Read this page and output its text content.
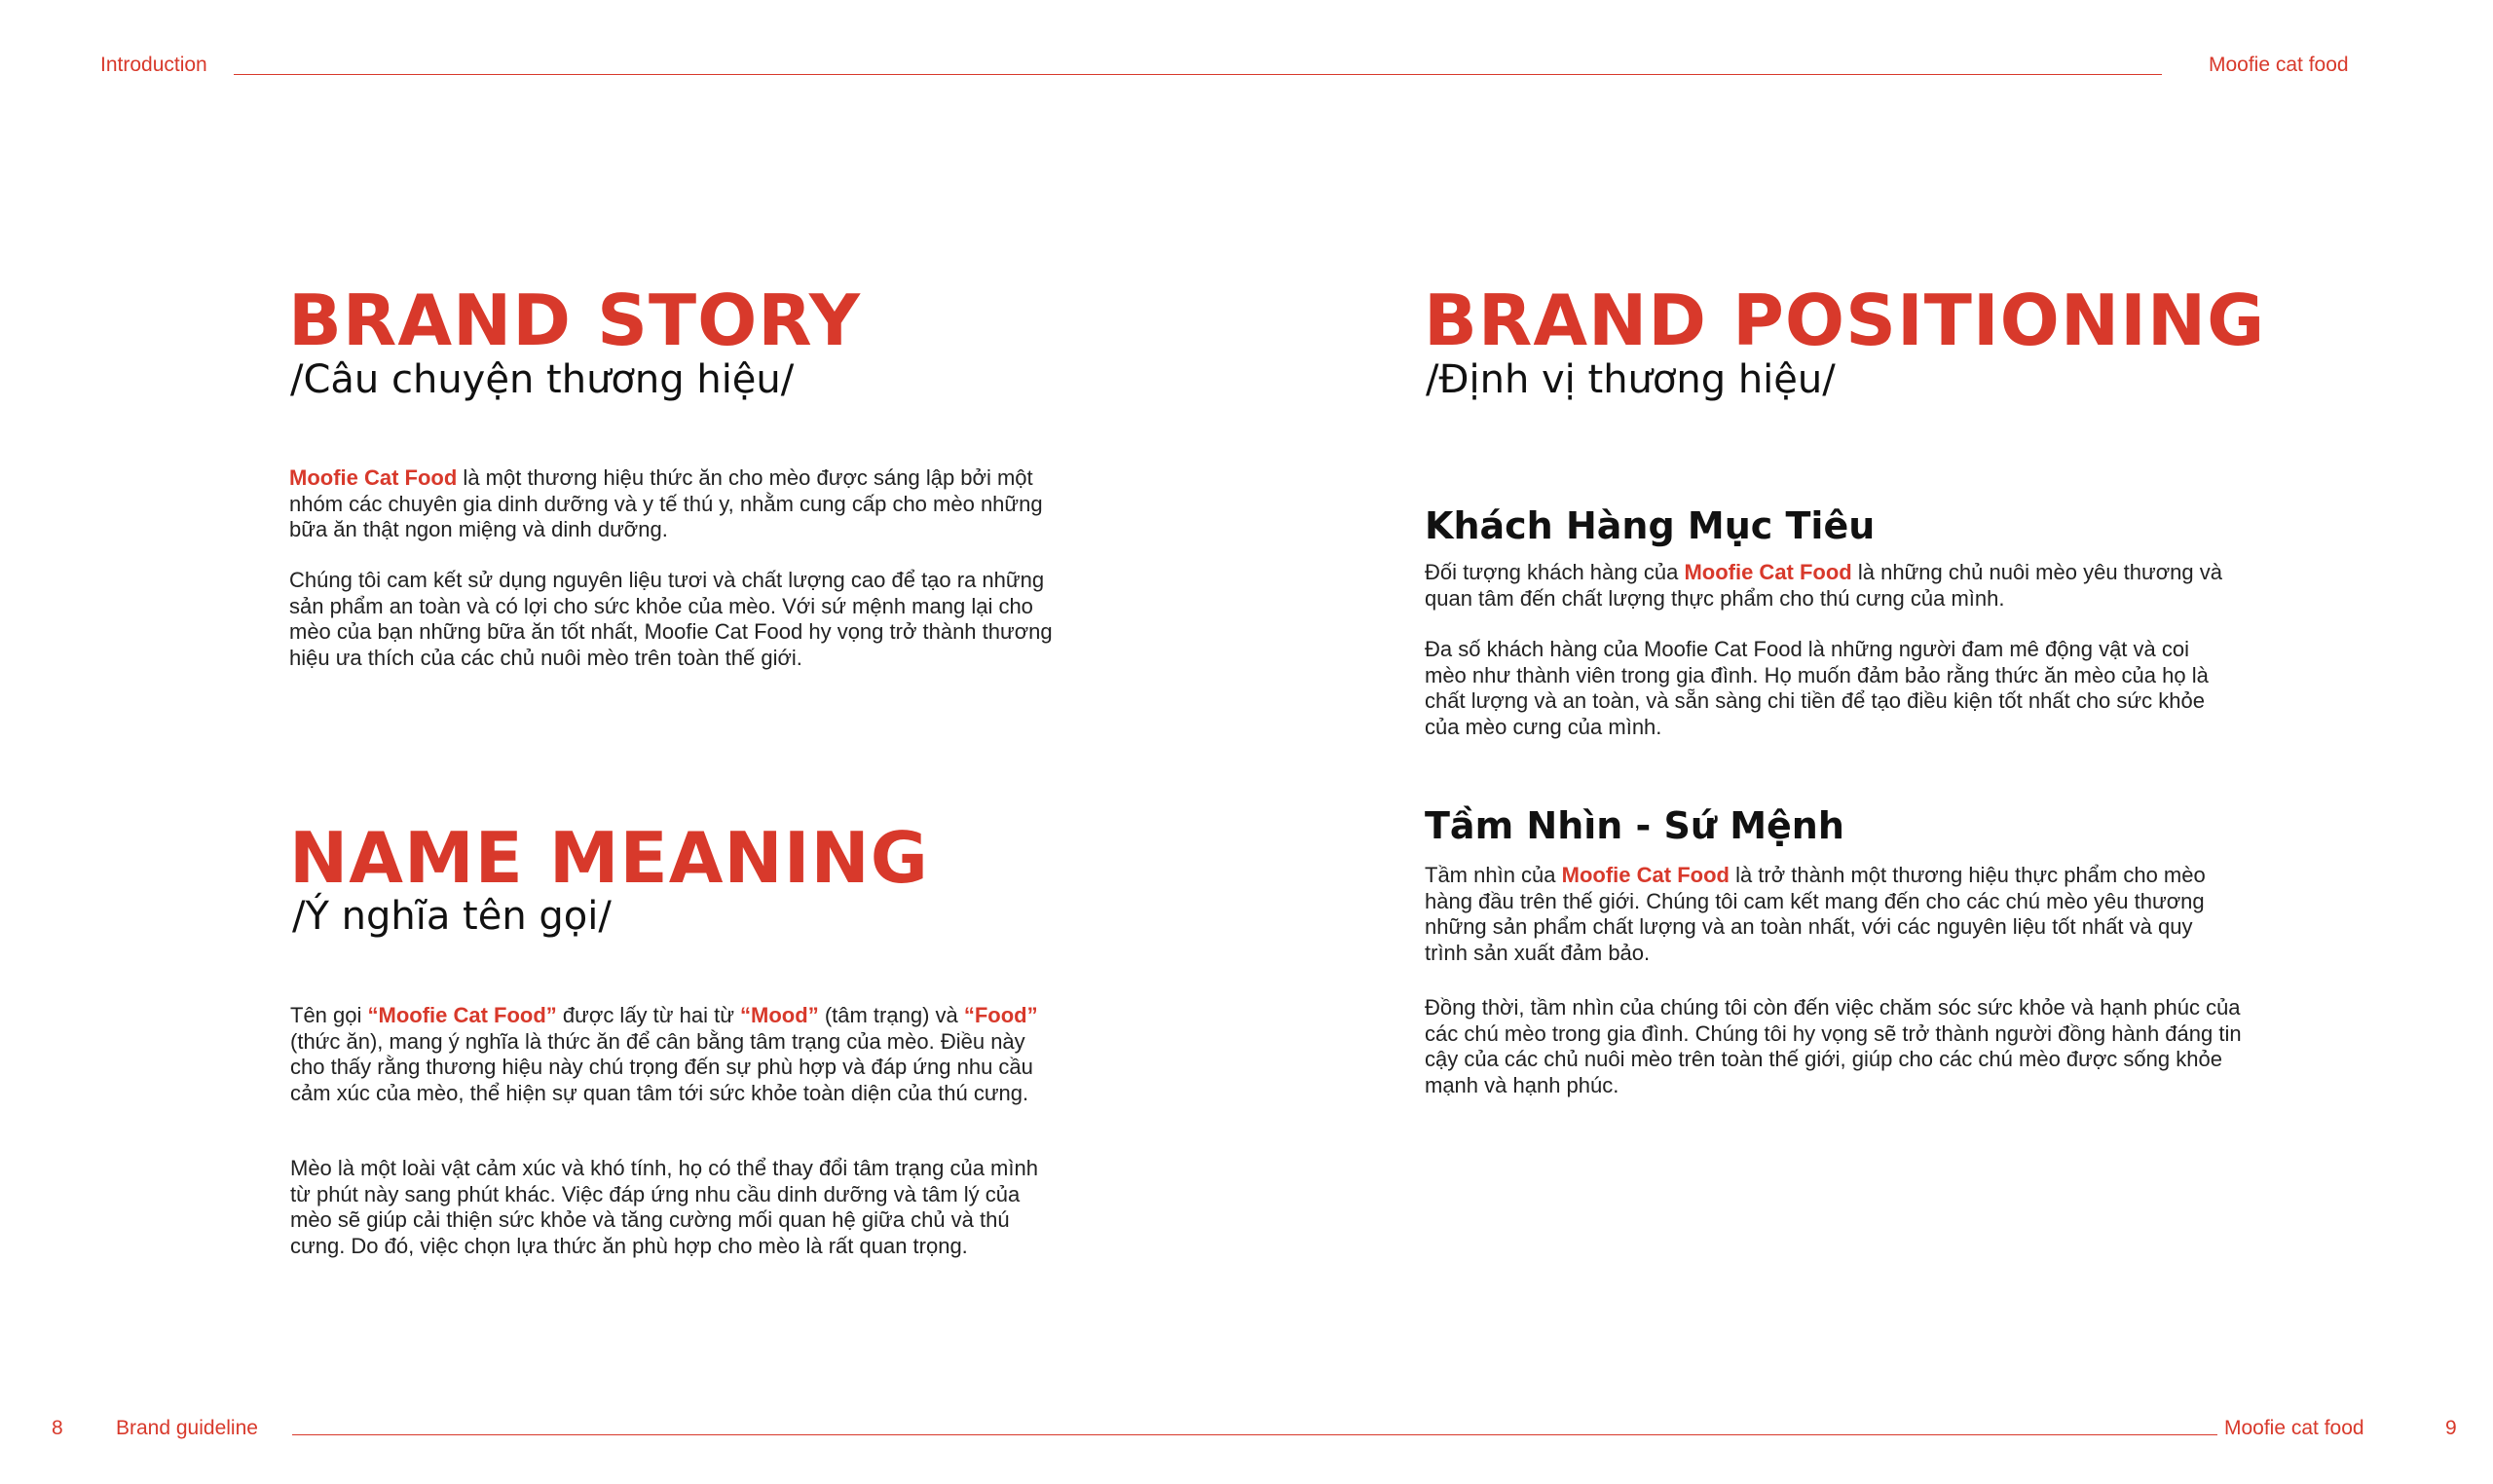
Introduction	Moofie cat food
BRAND STORY
/Câu chuyện thương hiệu/

Moofie Cat Food là một thương hiệu thức ăn cho mèo được sáng lập bởi một nhóm các chuyên gia dinh dưỡng và y tế thú y, nhằm cung cấp cho mèo những bữa ăn thật ngon miệng và dinh dưỡng.

Chúng tôi cam kết sử dụng nguyên liệu tươi và chất lượng cao để tạo ra những sản phẩm an toàn và có lợi cho sức khỏe của mèo. Với sứ mệnh mang lại cho mèo của bạn những bữa ăn tốt nhất, Moofie Cat Food hy vọng trở thành thương hiệu ưa thích của các chủ nuôi mèo trên toàn thế giới.

NAME MEANING
/Ý nghĩa tên gọi/

Tên gọi “Moofie Cat Food” được lấy từ hai từ “Mood” (tâm trạng) và “Food” (thức ăn), mang ý nghĩa là thức ăn để cân bằng tâm trạng của mèo. Điều này cho thấy rằng thương hiệu này chú trọng đến sự phù hợp và đáp ứng nhu cầu cảm xúc của mèo, thể hiện sự quan tâm tới sức khỏe toàn diện của thú cưng.

Mèo là một loài vật cảm xúc và khó tính, họ có thể thay đổi tâm trạng của mình từ phút này sang phút khác. Việc đáp ứng nhu cầu dinh dưỡng và tâm lý của mèo sẽ giúp cải thiện sức khỏe và tăng cường mối quan hệ giữa chủ và thú cưng. Do đó, việc chọn lựa thức ăn phù hợp cho mèo là rất quan trọng.

BRAND POSITIONING
/Định vị thương hiệu/
Khách Hàng Mục Tiêu

Đối tượng khách hàng của Moofie Cat Food là những chủ nuôi mèo yêu thương và quan tâm đến chất lượng thực phẩm cho thú cưng của mình.

Đa số khách hàng của Moofie Cat Food là những người đam mê động vật và coi mèo như thành viên trong gia đình. Họ muốn đảm bảo rằng thức ăn mèo của họ là chất lượng và an toàn, và sẵn sàng chi tiền để tạo điều kiện tốt nhất cho sức khỏe của mèo cưng của mình.

Tầm Nhìn - Sứ Mệnh

Tầm nhìn của Moofie Cat Food là trở thành một thương hiệu thực phẩm cho mèo hàng đầu trên thế giới. Chúng tôi cam kết mang đến cho các chú mèo yêu thương những sản phẩm chất lượng và an toàn nhất, với các nguyên liệu tốt nhất và quy trình sản xuất đảm bảo.

Đồng thời, tầm nhìn của chúng tôi còn đến việc chăm sóc sức khỏe và hạnh phúc của các chú mèo trong gia đình. Chúng tôi hy vọng sẽ trở thành người đồng hành đáng tin cậy của các chủ nuôi mèo trên toàn thế giới, giúp cho các chú mèo được sống khỏe mạnh và hạnh phúc.

8	Brand guideline	Moofie cat food	9
